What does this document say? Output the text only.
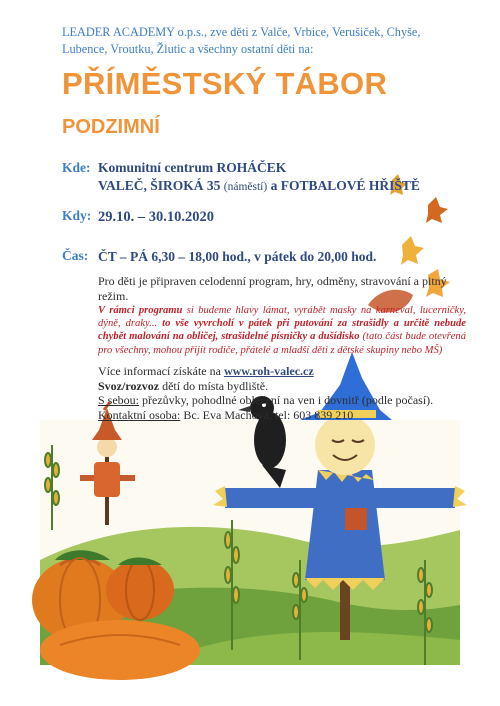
LEADER ACADEMY o.p.s., zve děti z Valče, Vrbice, Verušiček, Chyše, Lubence, Vroutku, Žlutic a všechny ostatní děti na:
PŘÍMĚSTSKÝ TÁBOR
PODZIMNÍ
Kde: Komunitní centrum ROHÁČEK
VALEČ, ŠIROKÁ 35 (náměstí) a FOTBALOVÉ HŘIŠTĚ
Kdy: 29.10. – 30.10.2020
Čas: ČT – PÁ 6,30 – 18,00 hod., v pátek do 20,00 hod.
Pro děti je připraven celodenní program, hry, odměny, stravování a pitný režim.
V rámci programu si budeme hlavy lámat, vyrábět masky na karneval, lucerničky, dýně, draky... to vše vyvrcholí v pátek při putování za strašidly a určitě nebude chybět malování na obličej, strašidelné písničky a dušídisko (tato část bude otevřená pro všechny, mohou přijít rodiče, přátelé a mladší děti z dětské skupiny nebo MŠ)
Více informací získáte na www.roh-valec.cz
Svoz/rozvoz dětí do místa bydliště.
S sebou: přezůvky, pohodlné oblečení na ven i dovnitř (podle počasí).
Kontaktní osoba: Bc. Eva Machová, tel: 603 839 210
